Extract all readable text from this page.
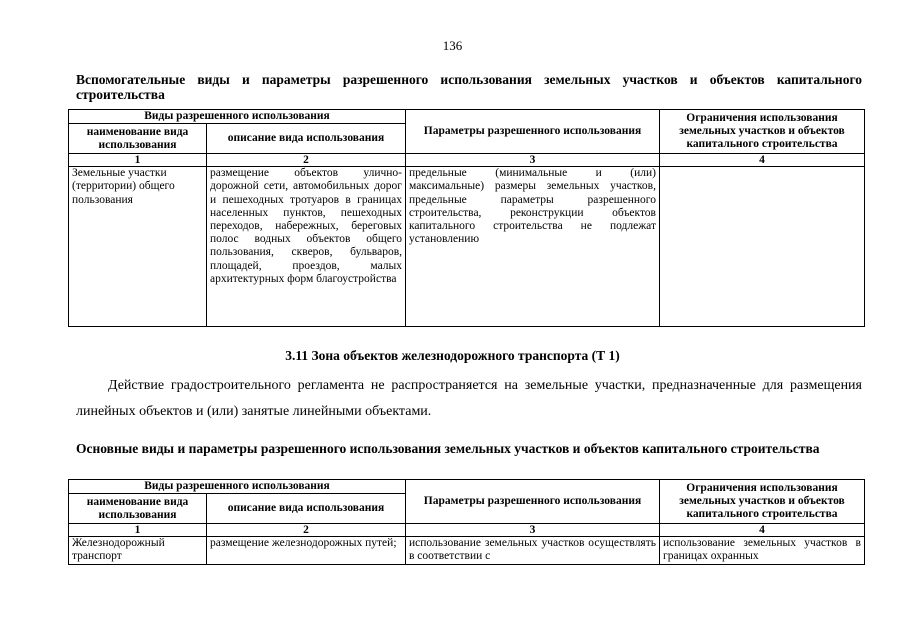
136
Вспомогательные виды и параметры разрешенного использования земельных участков и объектов капитального строительства
Виды разрешенного использования		Параметры разрешенного использования	Ограничения использования земельных участков и объектов капитального строительства
наименование вида использования	описание вида использования		
1	2	3	4
Земельные участки (территории) общего пользования	размещение объектов улично-дорожной сети, автомобильных дорог и пешеходных тротуаров в границах населенных пунктов, пешеходных переходов, набережных, береговых полос водных объектов общего пользования, скверов, бульваров, площадей, проездов, малых архитектурных форм благоустройства	предельные (минимальные и (или) максимальные) размеры земельных участков, предельные параметры разрешенного строительства, реконструкции объектов капитального строительства не подлежат установлению	
3.11 Зона объектов железнодорожного транспорта (Т 1)
Действие градостроительного регламента не распространяется на земельные участки, предназначенные для размещения линейных объектов и (или) занятые линейными объектами.
Основные виды и параметры разрешенного использования земельных участков и объектов капитального строительства
Виды разрешенного использования		Параметры разрешенного использования	Ограничения использования земельных участков и объектов капитального строительства
наименование вида использования	описание вида использования		
1	2	3	4
Железнодорожный транспорт	размещение железнодорожных путей;	использование земельных участков осуществлять в соответствии с	использование земельных участков в границах охранных
